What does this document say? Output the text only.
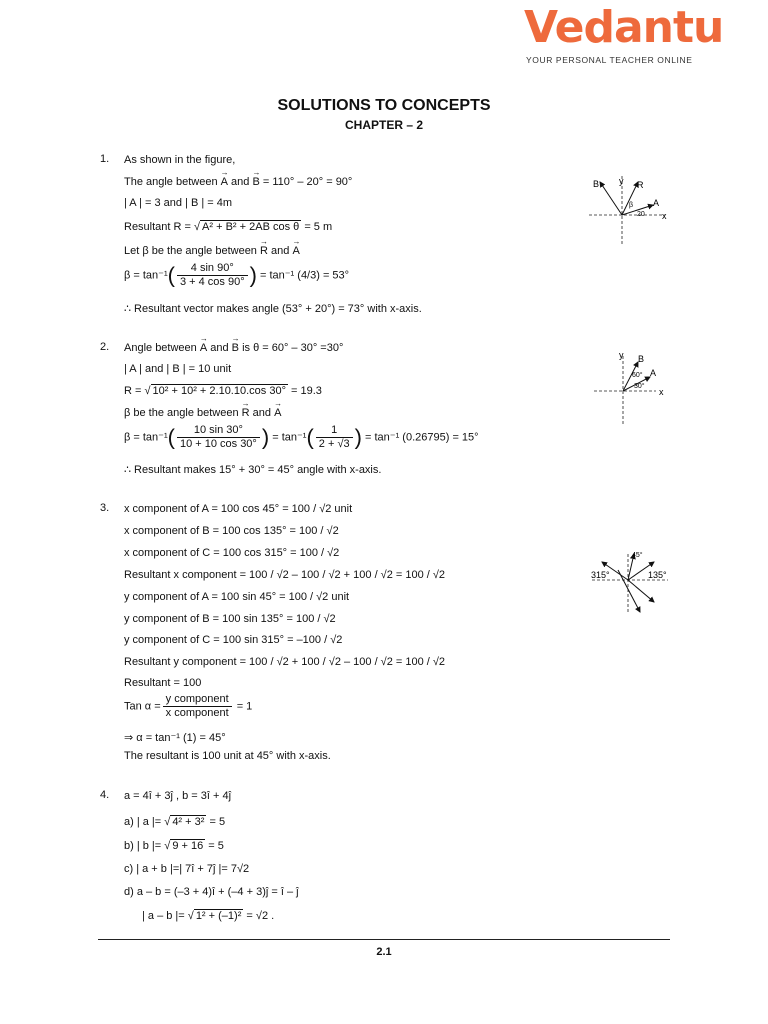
Vedantu
YOUR PERSONAL TEACHER ONLINE
SOLUTIONS TO CONCEPTS
CHAPTER – 2
1. As shown in the figure,
The angle between → A and → B = 110° – 20° = 90°
| A | = 3 and | B | = 4m
Resultant R = √ A² + B² + 2AB cos θ = 5 m
Let β be the angle between → R and → A
$\beta = \tan^{-1}( \frac{4 \sin 90^\circ}{3 + 4 \cos 90^\circ}$ ) = tan⁻¹ (4/3) = 53°
∴ Resultant vector makes angle (53° + 20°) = 73° with x-axis.
B y R
β A
20 x
2. Angle between → A and → B is θ = 60° – 30° =30°
| A | and | B | = 10 unit
R = √ 10² + 10² + 2.10.10.cos 30° = 19.3
β be the angle between → R and → A
$\beta = \tan^{-1}( \frac{10 \sin 30^\circ}{10 + 10 \cos 30^\circ}$ ) = $\tan^{-1}( \frac{1}{2 + √3}$ ) = tan⁻¹ (0.26795) = 15°
∴ Resultant makes 15° + 30° = 45° angle with x-axis.
y B
60°
30°
A
x
3. x component of A = 100 cos 45° = 100 / √2 unit
x component of B = 100 cos 135° = 100 / √2
x component of C = 100 cos 315° = 100 / √2
Resultant x component = 100 / √2 – 100 / √2 + 100 / √2 = 100 / √2
y component of A = 100 sin 45° = 100 / √2 unit
y component of B = 100 sin 135° = 100 / √2
y component of C = 100 sin 315° = –100 / √2
Resultant y component = 100 / √2 + 100 / √2 – 100 / √2 = 100 / √2
Resultant = 100
Tan $\alpha = \frac{\text{y component}}{\text{x component}} = 1$
⇒ α = tan⁻¹ (1) = 45°
The resultant is 100 unit at 45° with x-axis.
45°
315°	135°
4. a = 4î + 3ĵ , b = 3î + 4ĵ
a) | a |= √ 4² + 3² = 5
b) | b |= √ 9 + 16 = 5
c) | a + b |=| 7î + 7ĵ |= 7√2
d) a – b = (–3 + 4)î + (–4 + 3)ĵ = î – ĵ
| a – b |= √ 1² + (–1)² = √2 .
2.1
